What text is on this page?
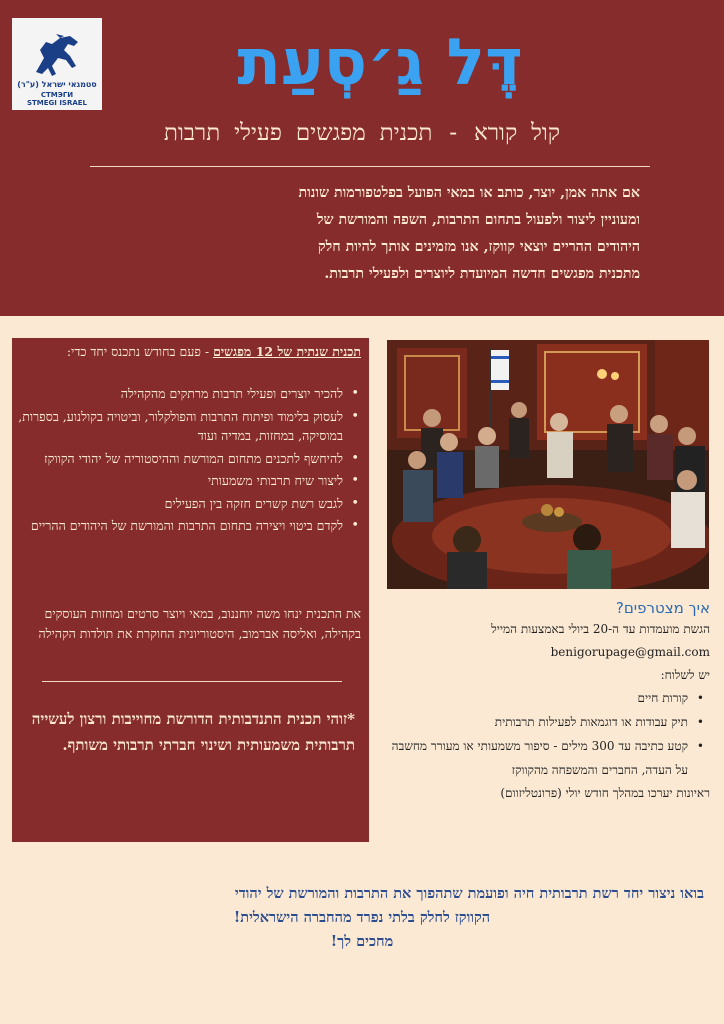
סטמגאי ישראל (ע"ר)
СТМЭГИ
STMEGI ISRAEL
דֶּל גַ׳סְעַת
קול קורא - תכנית מפגשים פעילי תרבות
אם אתה אמן, יוצר, כותב או במאי הפועל בפלטפורמות שונות
ומעוניין ליצור ולפעול בתחום התרבות, השפה והמורשת של
היהודים ההריים יוצאי קווקז, אנו מזמינים אותך להיות חלק
מתכנית מפגשים חדשה המיועדת ליוצרים ולפעילי תרבות.
תכנית שנתית של 12 מפגשים - פעם בחודש נתכנס יחד כדי:
• להכיר יוצרים ופעילי תרבות מרתקים מהקהילה
• לעסוק בלימוד ופיתוח התרבות והפולקלור, וביטויה בקולנוע, בספרות, במוסיקה, במחזות, במדיה ועוד
• להיחשף לתכנים מתחום המורשת וההיסטוריה של יהודי הקווקז
• ליצור שיח תרבותי משמעותי
• לגבש רשת קשרים חזקה בין הפעילים
• לקדם ביטוי ויצירה בתחום התרבות והמורשת של היהודים ההריים
את התכנית ינחו משה יוחננוב, במאי ויוצר סרטים ומחזות העוסקים בקהילה, ואליסה אברמוב, היסטוריונית החוקרת את תולדות הקהילה
*זוהי תכנית התנדבותית הדורשת מחוייבות ורצון לעשייה תרבותית משמעותית ושינוי חברתי תרבותי משותף.

איך מצטרפים?

הגשת מועמדות עד ה-20 ביולי באמצעות המייל

benigorupage@gmail.com

יש לשלוח:

• קורות חיים
• תיק עבודות או דוגמאות לפעילות תרבותית
• קטע כתיבה עד 300 מילים - סיפור משמעותי או מעורר מחשבה על העדה, החברים והמשפחה מהקווקז

ראיונות יערכו במהלך חודש יולי (פרונטליזוום)

בואו ניצור יחד רשת תרבותית חיה ופועמת שתהפוך את התרבות והמורשת של יהודי
הקווקז לחלק בלתי נפרד מהחברה הישראלית!
מחכים לך!
